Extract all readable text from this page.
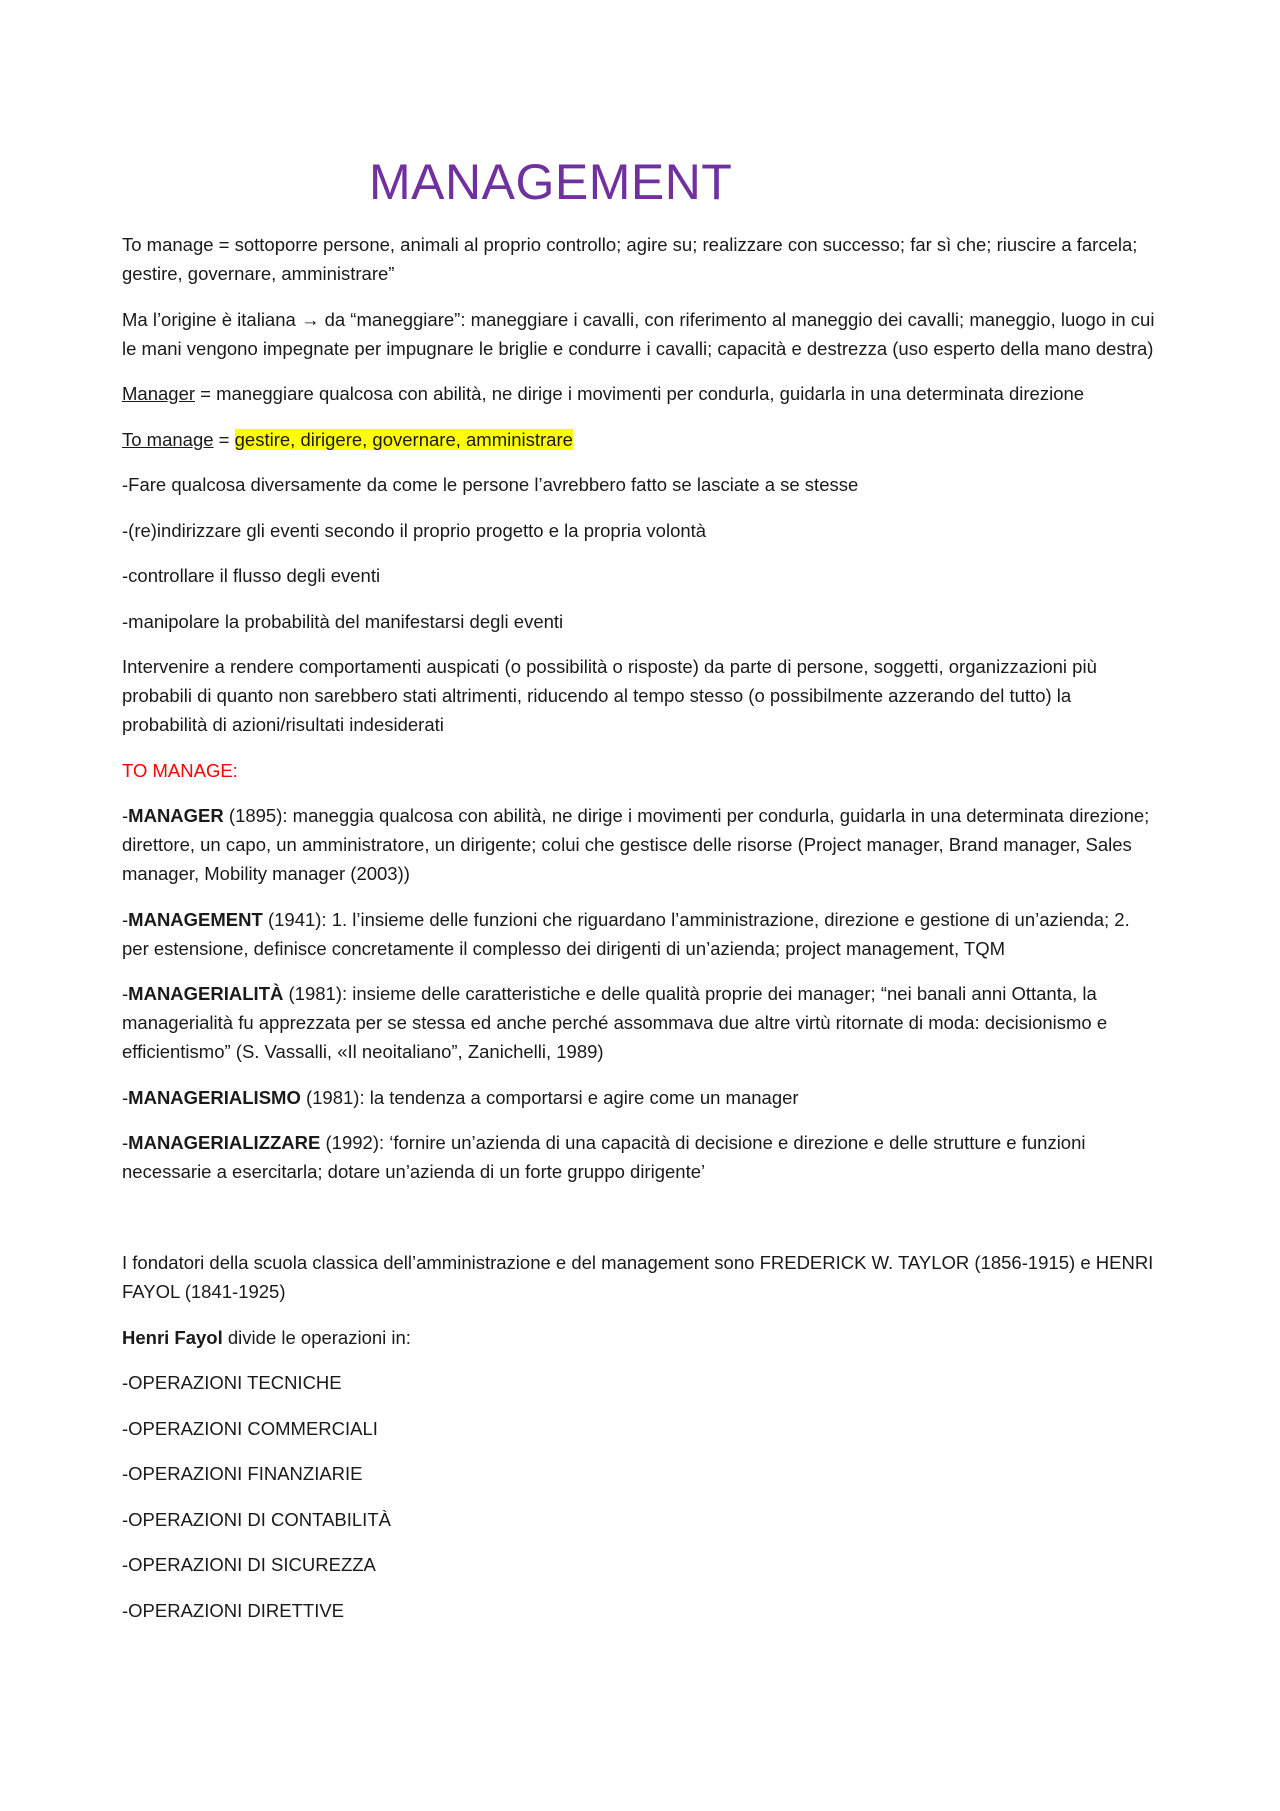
MANAGEMENT

To manage = sottoporre persone, animali al proprio controllo; agire su; realizzare con successo; far sì che; riuscire a farcela; gestire, governare, amministrare”

Ma l’origine è italiana → da “maneggiare”: maneggiare i cavalli, con riferimento al maneggio dei cavalli; maneggio, luogo in cui le mani vengono impegnate per impugnare le briglie e condurre i cavalli; capacità e destrezza (uso esperto della mano destra)

Manager = maneggiare qualcosa con abilità, ne dirige i movimenti per condurla, guidarla in una determinata direzione

To manage = gestire, dirigere, governare, amministrare

-Fare qualcosa diversamente da come le persone l’avrebbero fatto se lasciate a se stesse

-(re)indirizzare gli eventi secondo il proprio progetto e la propria volontà

-controllare il flusso degli eventi

-manipolare la probabilità del manifestarsi degli eventi

Intervenire a rendere comportamenti auspicati (o possibilità o risposte) da parte di persone, soggetti, organizzazioni più probabili di quanto non sarebbero stati altrimenti, riducendo al tempo stesso (o possibilmente azzerando del tutto) la probabilità di azioni/risultati indesiderati

TO MANAGE:

-MANAGER (1895): maneggia qualcosa con abilità, ne dirige i movimenti per condurla, guidarla in una determinata direzione; direttore, un capo, un amministratore, un dirigente; colui che gestisce delle risorse (Project manager, Brand manager, Sales manager, Mobility manager (2003))

-MANAGEMENT (1941): 1. l’insieme delle funzioni che riguardano l’amministrazione, direzione e gestione di un’azienda; 2. per estensione, definisce concretamente il complesso dei dirigenti di un’azienda; project management, TQM

-MANAGERIALITÀ (1981): insieme delle caratteristiche e delle qualità proprie dei manager; “nei banali anni Ottanta, la managerialità fu apprezzata per se stessa ed anche perché assommava due altre virtù ritornate di moda: decisionismo e efficientismo” (S. Vassalli, «Il neoitaliano”, Zanichelli, 1989)

-MANAGERIALISMO (1981): la tendenza a comportarsi e agire come un manager

-MANAGERIALIZZARE (1992): ‘fornire un’azienda di una capacità di decisione e direzione e delle strutture e funzioni necessarie a esercitarla; dotare un’azienda di un forte gruppo dirigente’

I fondatori della scuola classica dell’amministrazione e del management sono FREDERICK W. TAYLOR (1856-1915) e HENRI FAYOL (1841-1925)

Henri Fayol divide le operazioni in:

-OPERAZIONI TECNICHE

-OPERAZIONI COMMERCIALI

-OPERAZIONI FINANZIARIE

-OPERAZIONI DI CONTABILITÀ

-OPERAZIONI DI SICUREZZA

-OPERAZIONI DIRETTIVE
